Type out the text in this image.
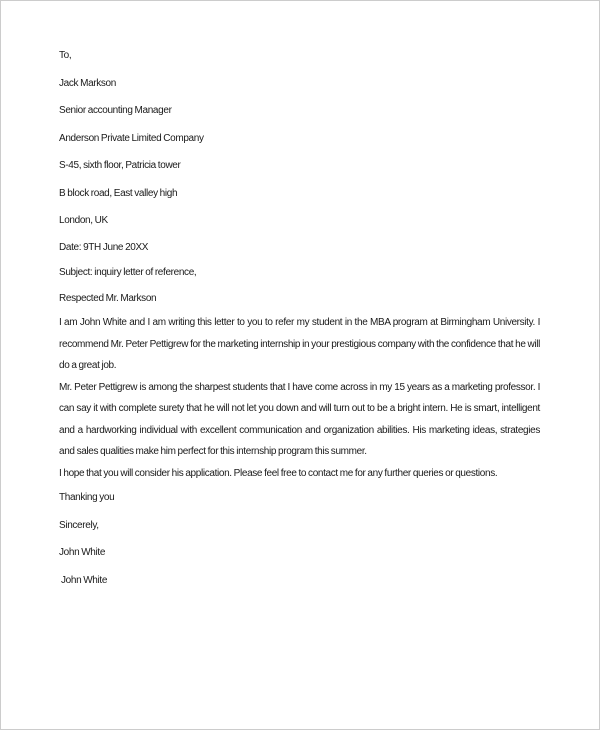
To,

Jack Markson

Senior accounting Manager

Anderson Private Limited Company

S-45, sixth floor, Patricia tower

B block road, East valley high

London, UK

Date: 9TH June 20XX

Subject: inquiry letter of reference,

Respected Mr. Markson

I am John White and I am writing this letter to you to refer my student in the MBA program at Birmingham University. I recommend Mr. Peter Pettigrew for the marketing internship in your prestigious company with the confidence that he will do a great job.

Mr. Peter Pettigrew is among the sharpest students that I have come across in my 15 years as a marketing professor. I can say it with complete surety that he will not let you down and will turn out to be a bright intern. He is smart, intelligent and a hardworking individual with excellent communication and organization abilities. His marketing ideas, strategies and sales qualities make him perfect for this internship program this summer.

I hope that you will consider his application. Please feel free to contact me for any further queries or questions.

Thanking you

Sincerely,

John White

John White
